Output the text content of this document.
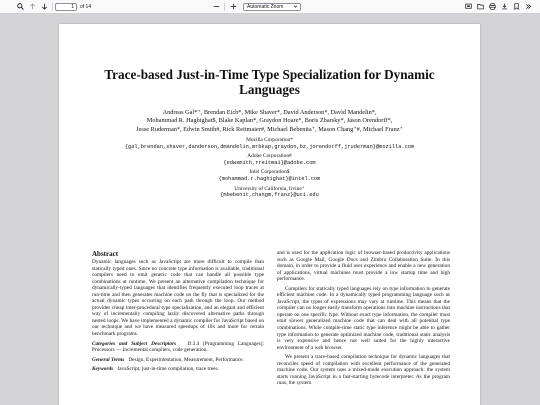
1	of 14	Automatic Zoom
Trace-based Just-in-Time Type Specialization for Dynamic
Languages
Andreas Gal*⁺, Brendan Eich*, Mike Shaver*, David Anderson*, David Mandelin*,
Mohammad R. Haghighat$, Blake Kaplan*, Graydon Hoare*, Boris Zbarsky*, Jason Orendorff*,
Jesse Ruderman*, Edwin Smith#, Rick Reitmaier#, Michael Bebenita⁺, Mason Chang⁺#, Michael Franz⁺
Mozilla Corporation*
{gal,brendan,shaver,danderson,dmandelin,mrbkap,graydon,bz,jorendorff,jruderman}@mozilla.com
Adobe Corporation#
{edwsmith,rreitmai}@adobe.com
Intel Corporation$
{mohammad.r.haghighat}@intel.com
University of California, Irvine⁺
{mbebenit,changm,franz}@uci.edu
Abstract

Dynamic languages such as JavaScript are more difficult to compile than statically typed ones. Since no concrete type information is available, traditional compilers need to emit generic code that can handle all possible type combinations at runtime. We present an alternative compilation technique for dynamically-typed languages that identifies frequently executed loop traces at run-time and then generates machine code on the fly that is specialized for the actual dynamic types occurring on each path through the loop. Our method provides cheap inter-procedural type specialization, and an elegant and efficient way of incrementally compiling lazily discovered alternative paths through nested loops. We have implemented a dynamic compiler for JavaScript based on our technique and we have measured speedups of 10x and more for certain benchmark programs.

Categories and Subject Descriptors D.3.4 [Programming Languages]: Processors — Incremental compilers, code generation.

General Terms Design, Experimentation, Measurement, Performance.

Keywords JavaScript, just-in-time compilation, trace trees.

and is used for the application logic of browser-based productivity applications such as Google Mail, Google Docs and Zimbra Collaboration Suite. In this domain, in order to provide a fluid user experience and enable a new generation of applications, virtual machines must provide a low startup time and high performance.

Compilers for statically typed languages rely on type information to generate efficient machine code. In a dynamically typed programming language such as JavaScript, the types of expressions may vary at runtime. This means that the compiler can no longer easily transform operations into machine instructions that operate on one specific type. Without exact type information, the compiler must emit slower generalized machine code that can deal with all potential type combinations. While compile-time static type inference might be able to gather type information to generate optimized machine code, traditional static analysis is very expensive and hence not well suited for the highly interactive environment of a web browser.

We present a trace-based compilation technique for dynamic languages that reconciles speed of compilation with excellent performance of the generated machine code. Our system uses a mixed-mode execution approach: the system starts running JavaScript in a fast-starting bytecode interpreter. As the program runs, the system
